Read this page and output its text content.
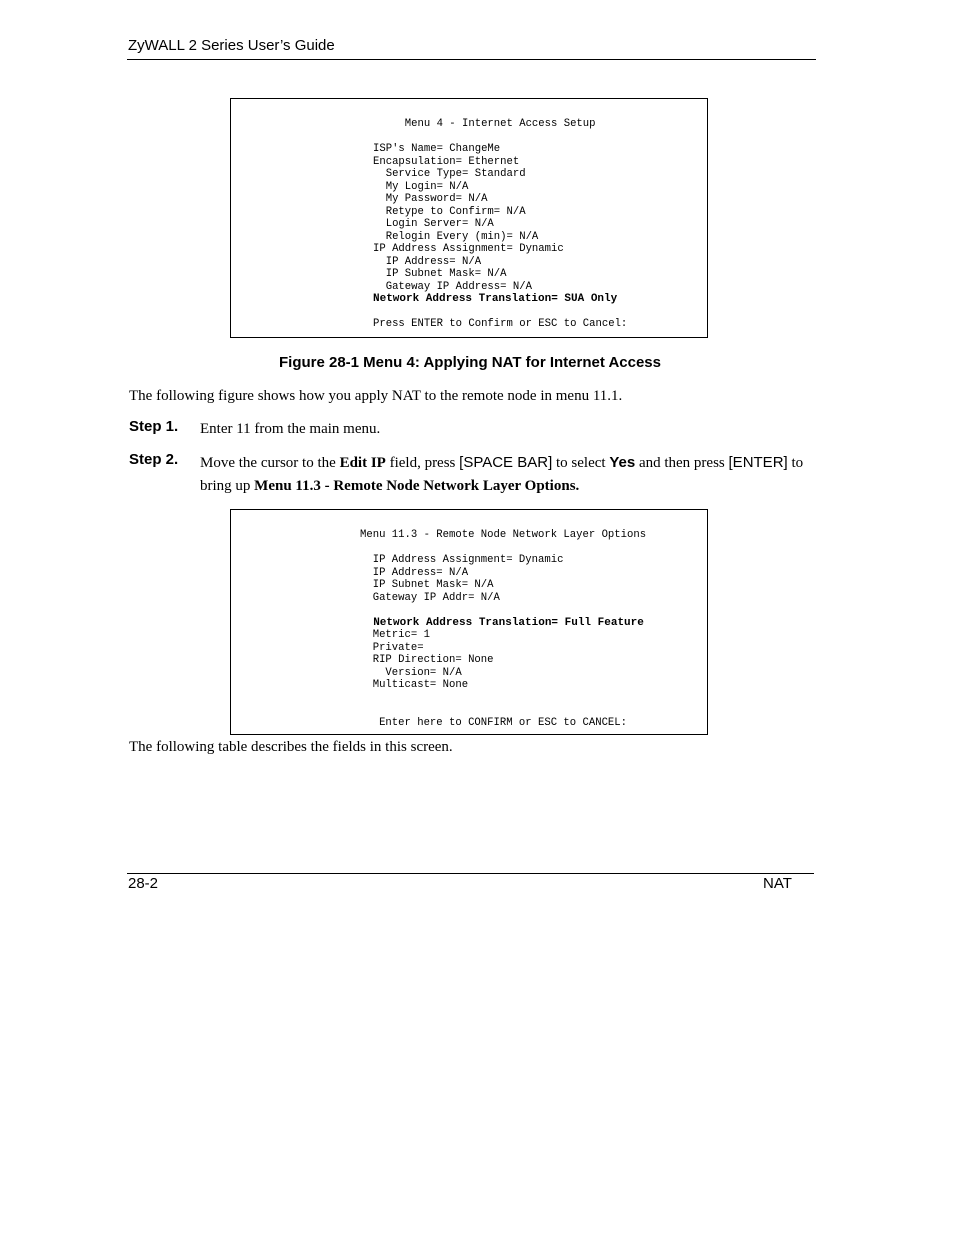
ZyWALL 2 Series User’s Guide
Menu 4 - Internet Access Setup
ISP's Name= ChangeMe
Encapsulation= Ethernet
Service Type= Standard
My Login= N/A
My Password= N/A
Retype to Confirm= N/A
Login Server= N/A
Relogin Every (min)= N/A
IP Address Assignment= Dynamic
IP Address= N/A
IP Subnet Mask= N/A
Gateway IP Address= N/A
Network Address Translation= SUA Only
Press ENTER to Confirm or ESC to Cancel:
Figure 28-1 Menu 4: Applying NAT for Internet Access
The following figure shows how you apply NAT to the remote node in menu 11.1.
Step 1. Enter 11 from the main menu.
Step 2. Move the cursor to the Edit IP field, press [SPACE BAR] to select Yes and then press [ENTER] to bring up Menu 11.3 - Remote Node Network Layer Options.
Menu 11.3 - Remote Node Network Layer Options
IP Address Assignment= Dynamic
IP Address= N/A
IP Subnet Mask= N/A
Gateway IP Addr= N/A
Network Address Translation= Full Feature
Metric= 1
Private=
RIP Direction= None
Version= N/A
Multicast= None
Enter here to CONFIRM or ESC to CANCEL:
The following table describes the fields in this screen.
28-2	NAT
